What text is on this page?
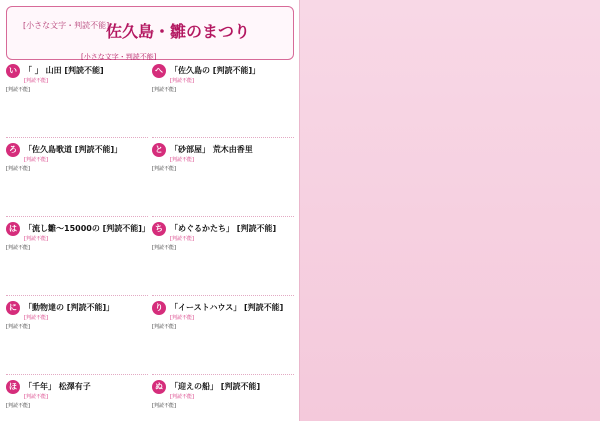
[小さな文字・判読不能]
佐久島・雛のまつり
[小さな文字・判読不能]
い 「 」 山田 [判読不能]
[判読不能]
[判読不能]
ろ 「佐久島歌道 [判読不能]」
[判読不能]
[判読不能]
は 「流し雛〜15000の [判読不能]」
[判読不能]
[判読不能]
に 「動物達の [判読不能]」
[判読不能]
[判読不能]
ほ 「千年」 松澤有子
[判読不能]
[判読不能]
へ 「佐久島の [判読不能]」
[判読不能]
[判読不能]
と 「砂部屋」 荒木由香里
[判読不能]
[判読不能]
ち 「めぐるかたち」 [判読不能]
[判読不能]
[判読不能]
り 「イーストハウス」 [判読不能]
[判読不能]
[判読不能]
ぬ 「迎えの船」 [判読不能]
[判読不能]
[判読不能]
